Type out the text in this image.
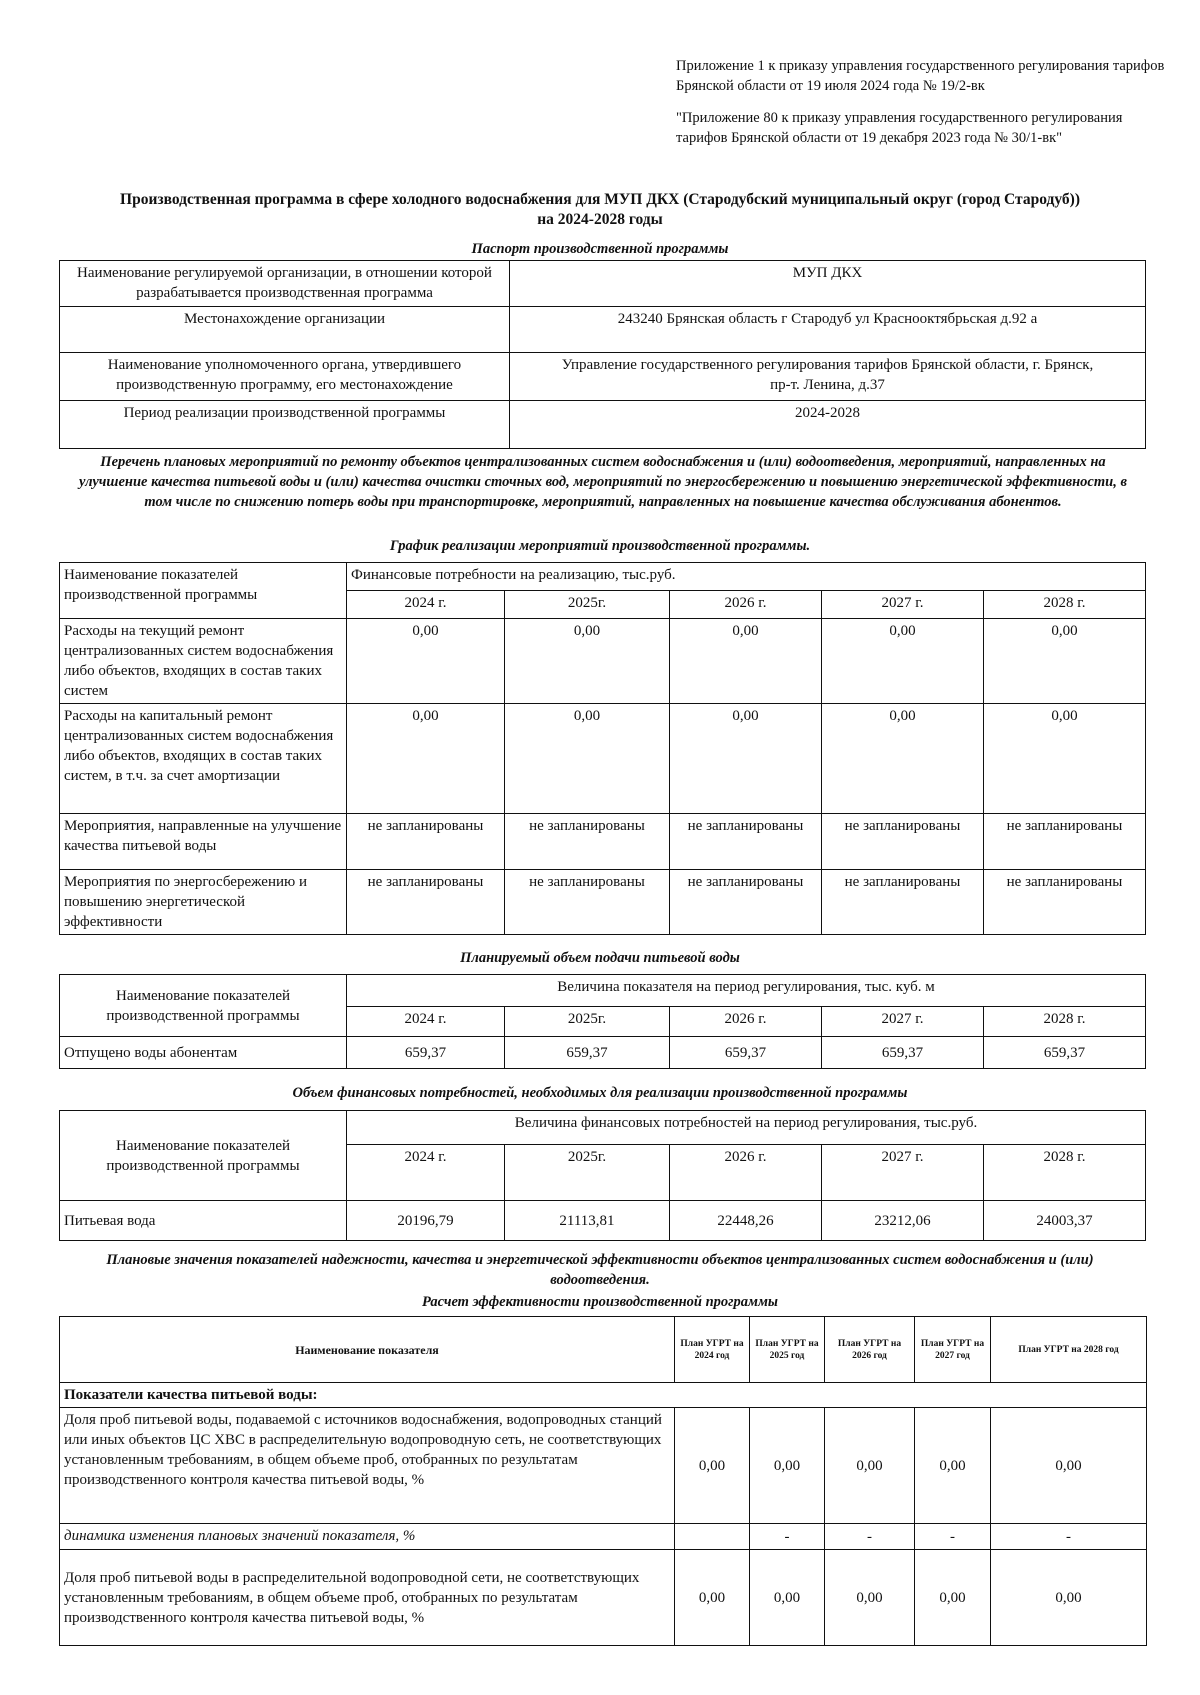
Приложение 1 к приказу управления государственного регулирования тарифов Брянской области от 19 июля 2024 года № 19/2-вк
"Приложение 80 к приказу управления государственного регулирования тарифов Брянской области от 19 декабря 2023 года № 30/1-вк"
Производственная программа в сфере холодного водоснабжения для МУП ДКХ (Стародубский муниципальный округ (город Стародуб))
на 2024-2028 годы
Паспорт производственной программы
Наименование регулируемой организации, в отношении которой разрабатывается производственная программа	МУП ДКХ
Местонахождение организации	243240 Брянская область г Стародуб ул Краснооктябрьская д.92 а
Наименование уполномоченного органа, утвердившего производственную программу, его местонахождение	Управление государственного регулирования тарифов Брянской области, г. Брянск, пр-т. Ленина, д.37
Период реализации производственной программы	2024-2028
Перечень плановых мероприятий по ремонту объектов централизованных систем водоснабжения и (или) водоотведения, мероприятий, направленных на улучшение качества питьевой воды и (или) качества очистки сточных вод, мероприятий по энергосбережению и повышению энергетической эффективности, в том числе по снижению потерь воды при транспортировке, мероприятий, направленных на повышение качества обслуживания абонентов.
График реализации мероприятий производственной программы.
Наименование показателей производственной программы	Финансовые потребности на реализацию, тыс.руб.				
	2024 г.	2025г.	2026 г.	2027 г.	2028 г.
Расходы на текущий ремонт централизованных систем водоснабжения либо объектов, входящих в состав таких систем	0,00	0,00	0,00	0,00	0,00
Расходы на капитальный ремонт централизованных систем водоснабжения либо объектов, входящих в состав таких систем, в т.ч. за счет амортизации	0,00	0,00	0,00	0,00	0,00
Мероприятия, направленные на улучшение качества питьевой воды	не запланированы	не запланированы	не запланированы	не запланированы	не запланированы
Мероприятия по энергосбережению и повышению энергетической эффективности	не запланированы	не запланированы	не запланированы	не запланированы	не запланированы
Планируемый объем подачи питьевой воды
Наименование показателей производственной программы	Величина показателя на период регулирования, тыс. куб. м				
	2024 г.	2025г.	2026 г.	2027 г.	2028 г.
Отпущено воды абонентам	659,37	659,37	659,37	659,37	659,37
Объем финансовых потребностей, необходимых для реализации производственной программы
Наименование показателей производственной программы	Величина финансовых потребностей на период регулирования, тыс.руб.				
	2024 г.	2025г.	2026 г.	2027 г.	2028 г.
Питьевая вода	20196,79	21113,81	22448,26	23212,06	24003,37
Плановые значения показателей надежности, качества и энергетической эффективности объектов централизованных систем водоснабжения и (или) водоотведения.
Расчет эффективности производственной программы
Наименование показателя	План УГРТ на 2024 год	План УГРТ на 2025 год	План УГРТ на 2026 год	План УГРТ на 2027 год	План УГРТ на 2028 год
Показатели качества питьевой воды:					
Доля проб питьевой воды, подаваемой с источников водоснабжения, водопроводных станций или иных объектов ЦС ХВС в распределительную водопроводную сеть, не соответствующих установленным требованиям, в общем объеме проб, отобранных по результатам производственного контроля качества питьевой воды, %	0,00	0,00	0,00	0,00	0,00
динамика изменения плановых значений показателя, %		-	-	-	-
Доля проб питьевой воды в распределительной водопроводной сети, не соответствующих установленным требованиям, в общем объеме проб, отобранных по результатам производственного контроля качества питьевой воды, %	0,00	0,00	0,00	0,00	0,00
